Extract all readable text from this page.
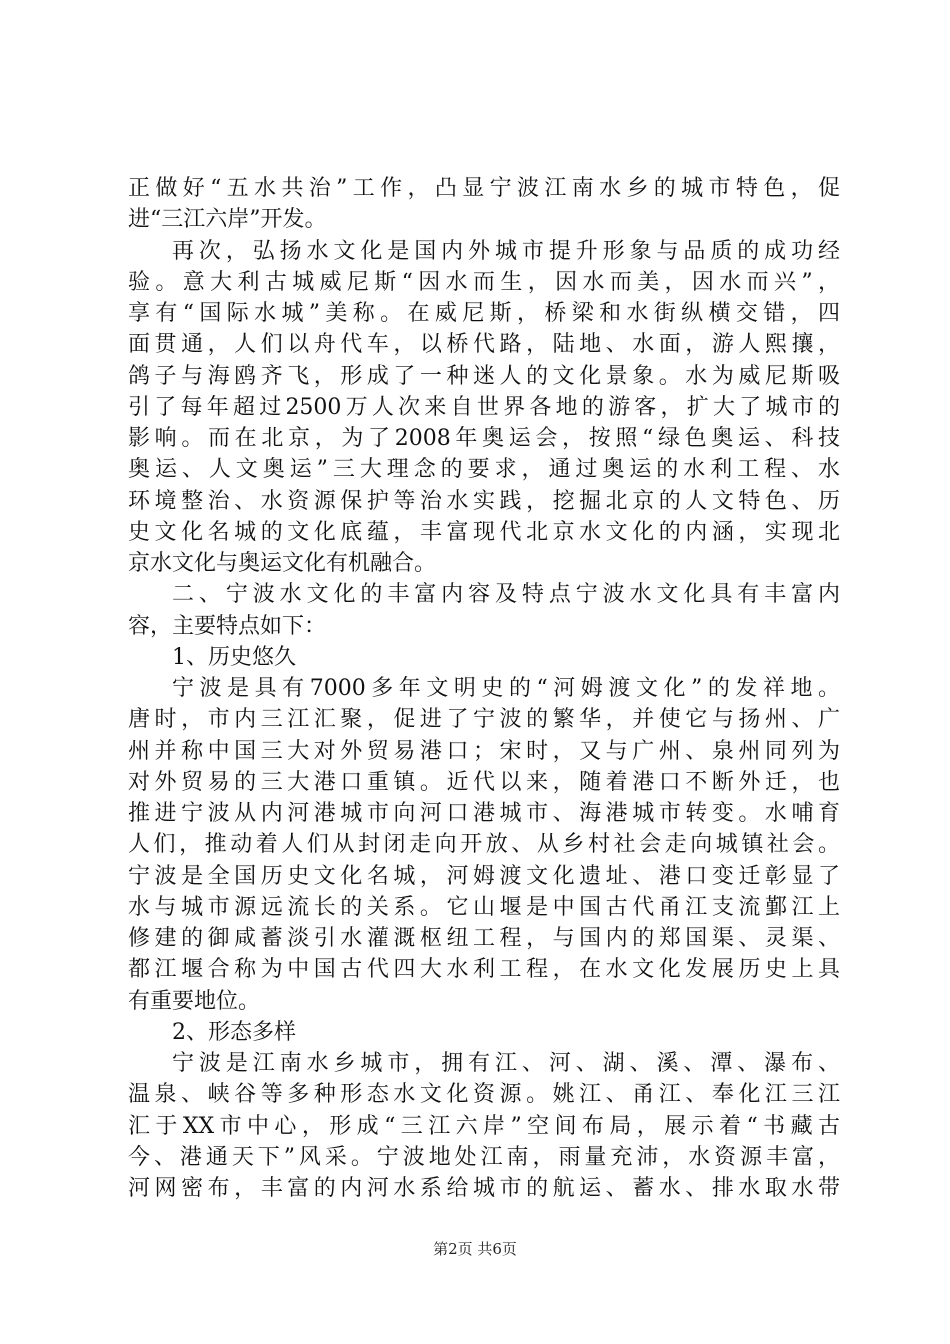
正做好“五水共治”工作，凸显宁波江南水乡的城市特色，促
进“三江六岸”开发。
再次，弘扬水文化是国内外城市提升形象与品质的成功经
验。意大利古城威尼斯“因水而生，因水而美，因水而兴”，
享有“国际水城”美称。在威尼斯，桥梁和水街纵横交错，四
面贯通，人们以舟代车，以桥代路，陆地、水面，游人熙攘，
鸽子与海鸥齐飞，形成了一种迷人的文化景象。水为威尼斯吸
引了每年超过2500万人次来自世界各地的游客，扩大了城市的
影响。而在北京，为了2008年奥运会，按照“绿色奥运、科技
奥运、人文奥运”三大理念的要求，通过奥运的水利工程、水
环境整治、水资源保护等治水实践，挖掘北京的人文特色、历
史文化名城的文化底蕴，丰富现代北京水文化的内涵，实现北
京水文化与奥运文化有机融合。
二、宁波水文化的丰富内容及特点宁波水文化具有丰富内
容，主要特点如下：
1、历史悠久
宁波是具有7000多年文明史的“河姆渡文化”的发祥地。
唐时，市内三江汇聚，促进了宁波的繁华，并使它与扬州、广
州并称中国三大对外贸易港口；宋时，又与广州、泉州同列为
对外贸易的三大港口重镇。近代以来，随着港口不断外迁，也
推进宁波从内河港城市向河口港城市、海港城市转变。水哺育
人们，推动着人们从封闭走向开放、从乡村社会走向城镇社会。
宁波是全国历史文化名城，河姆渡文化遗址、港口变迁彰显了
水与城市源远流长的关系。它山堰是中国古代甬江支流鄞江上
修建的御咸蓄淡引水灌溉枢纽工程，与国内的郑国渠、灵渠、
都江堰合称为中国古代四大水利工程，在水文化发展历史上具
有重要地位。
2、形态多样
宁波是江南水乡城市，拥有江、河、湖、溪、潭、瀑布、
温泉、峡谷等多种形态水文化资源。姚江、甬江、奉化江三江
汇于XX市中心，形成“三江六岸”空间布局，展示着“书藏古
今、港通天下”风采。宁波地处江南，雨量充沛，水资源丰富，
河网密布，丰富的内河水系给城市的航运、蓄水、排水取水带
第2页 共6页
